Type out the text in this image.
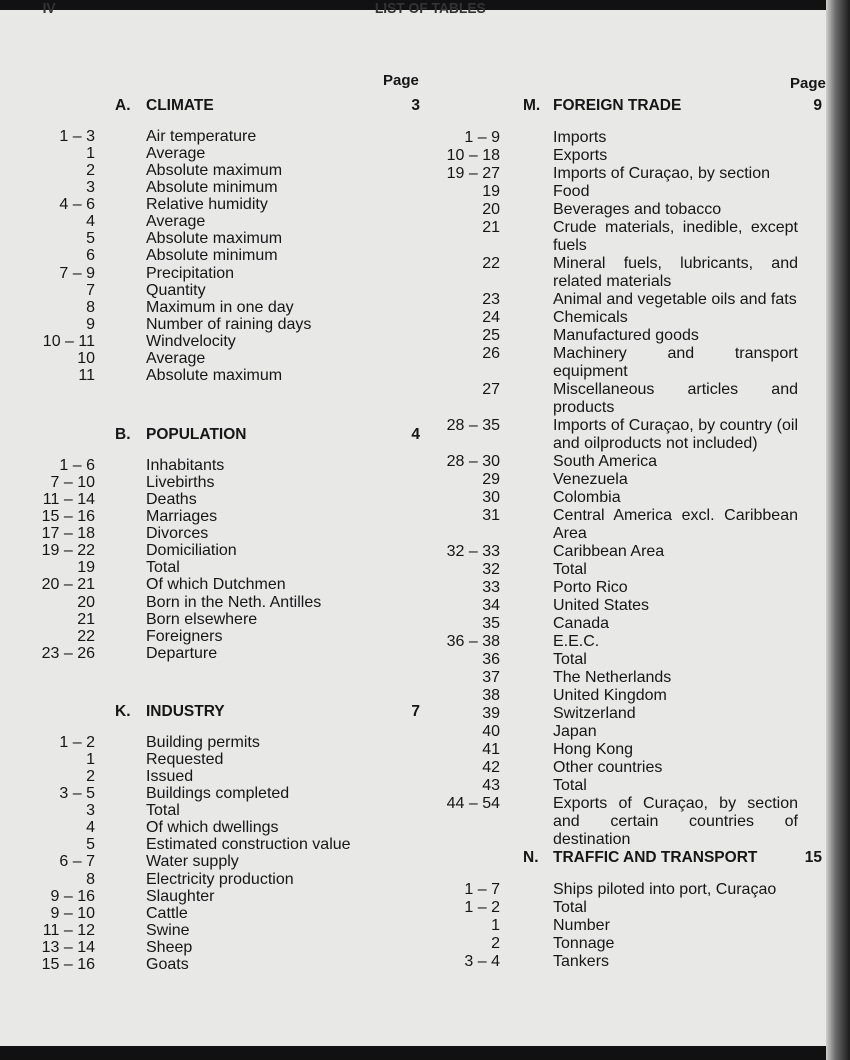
IV	LIST OF TABLES
Page	Page
A. CLIMATE	3
1 – 3	Air temperature
1	Average
2	Absolute maximum
3	Absolute minimum
4 – 6	Relative humidity
4	Average
5	Absolute maximum
6	Absolute minimum
7 – 9	Precipitation
7	Quantity
8	Maximum in one day
9	Number of raining days
10 – 11	Windvelocity
10	Average
11	Absolute maximum
B. POPULATION	4
1 – 6	Inhabitants
7 – 10	Livebirths
11 – 14	Deaths
15 – 16	Marriages
17 – 18	Divorces
19 – 22	Domiciliation
19	Total
20 – 21	Of which Dutchmen
20	Born in the Neth. Antilles
21	Born elsewhere
22	Foreigners
23 – 26	Departure
K. INDUSTRY	7
1 – 2	Building permits
1	Requested
2	Issued
3 – 5	Buildings completed
3	Total
4	Of which dwellings
5	Estimated construction value
6 – 7	Water supply
8	Electricity production
9 – 16	Slaughter
9 – 10	Cattle
11 – 12	Swine
13 – 14	Sheep
15 – 16	Goats
M. FOREIGN TRADE	9
1 – 9	Imports
10 – 18	Exports
19 – 27	Imports of Curaçao, by section
19	Food
20	Beverages and tobacco
21	Crude materials, inedible, except fuels
22	Mineral fuels, lubricants, and related materials
23	Animal and vegetable oils and fats
24	Chemicals
25	Manufactured goods
26	Machinery and transport equipment
27	Miscellaneous articles and products
28 – 35	Imports of Curaçao, by country (oil and oilproducts not included)
28 – 30	South America
29	Venezuela
30	Colombia
31	Central America excl. Caribbean Area
32 – 33	Caribbean Area
32	Total
33	Porto Rico
34	United States
35	Canada
36 – 38	E.E.C.
36	Total
37	The Netherlands
38	United Kingdom
39	Switzerland
40	Japan
41	Hong Kong
42	Other countries
43	Total
44 – 54	Exports of Curaçao, by section and certain countries of destination
N. TRAFFIC AND TRANSPORT	15
1 – 7	Ships piloted into port, Curaçao
1 – 2	Total
1	Number
2	Tonnage
3 – 4	Tankers
